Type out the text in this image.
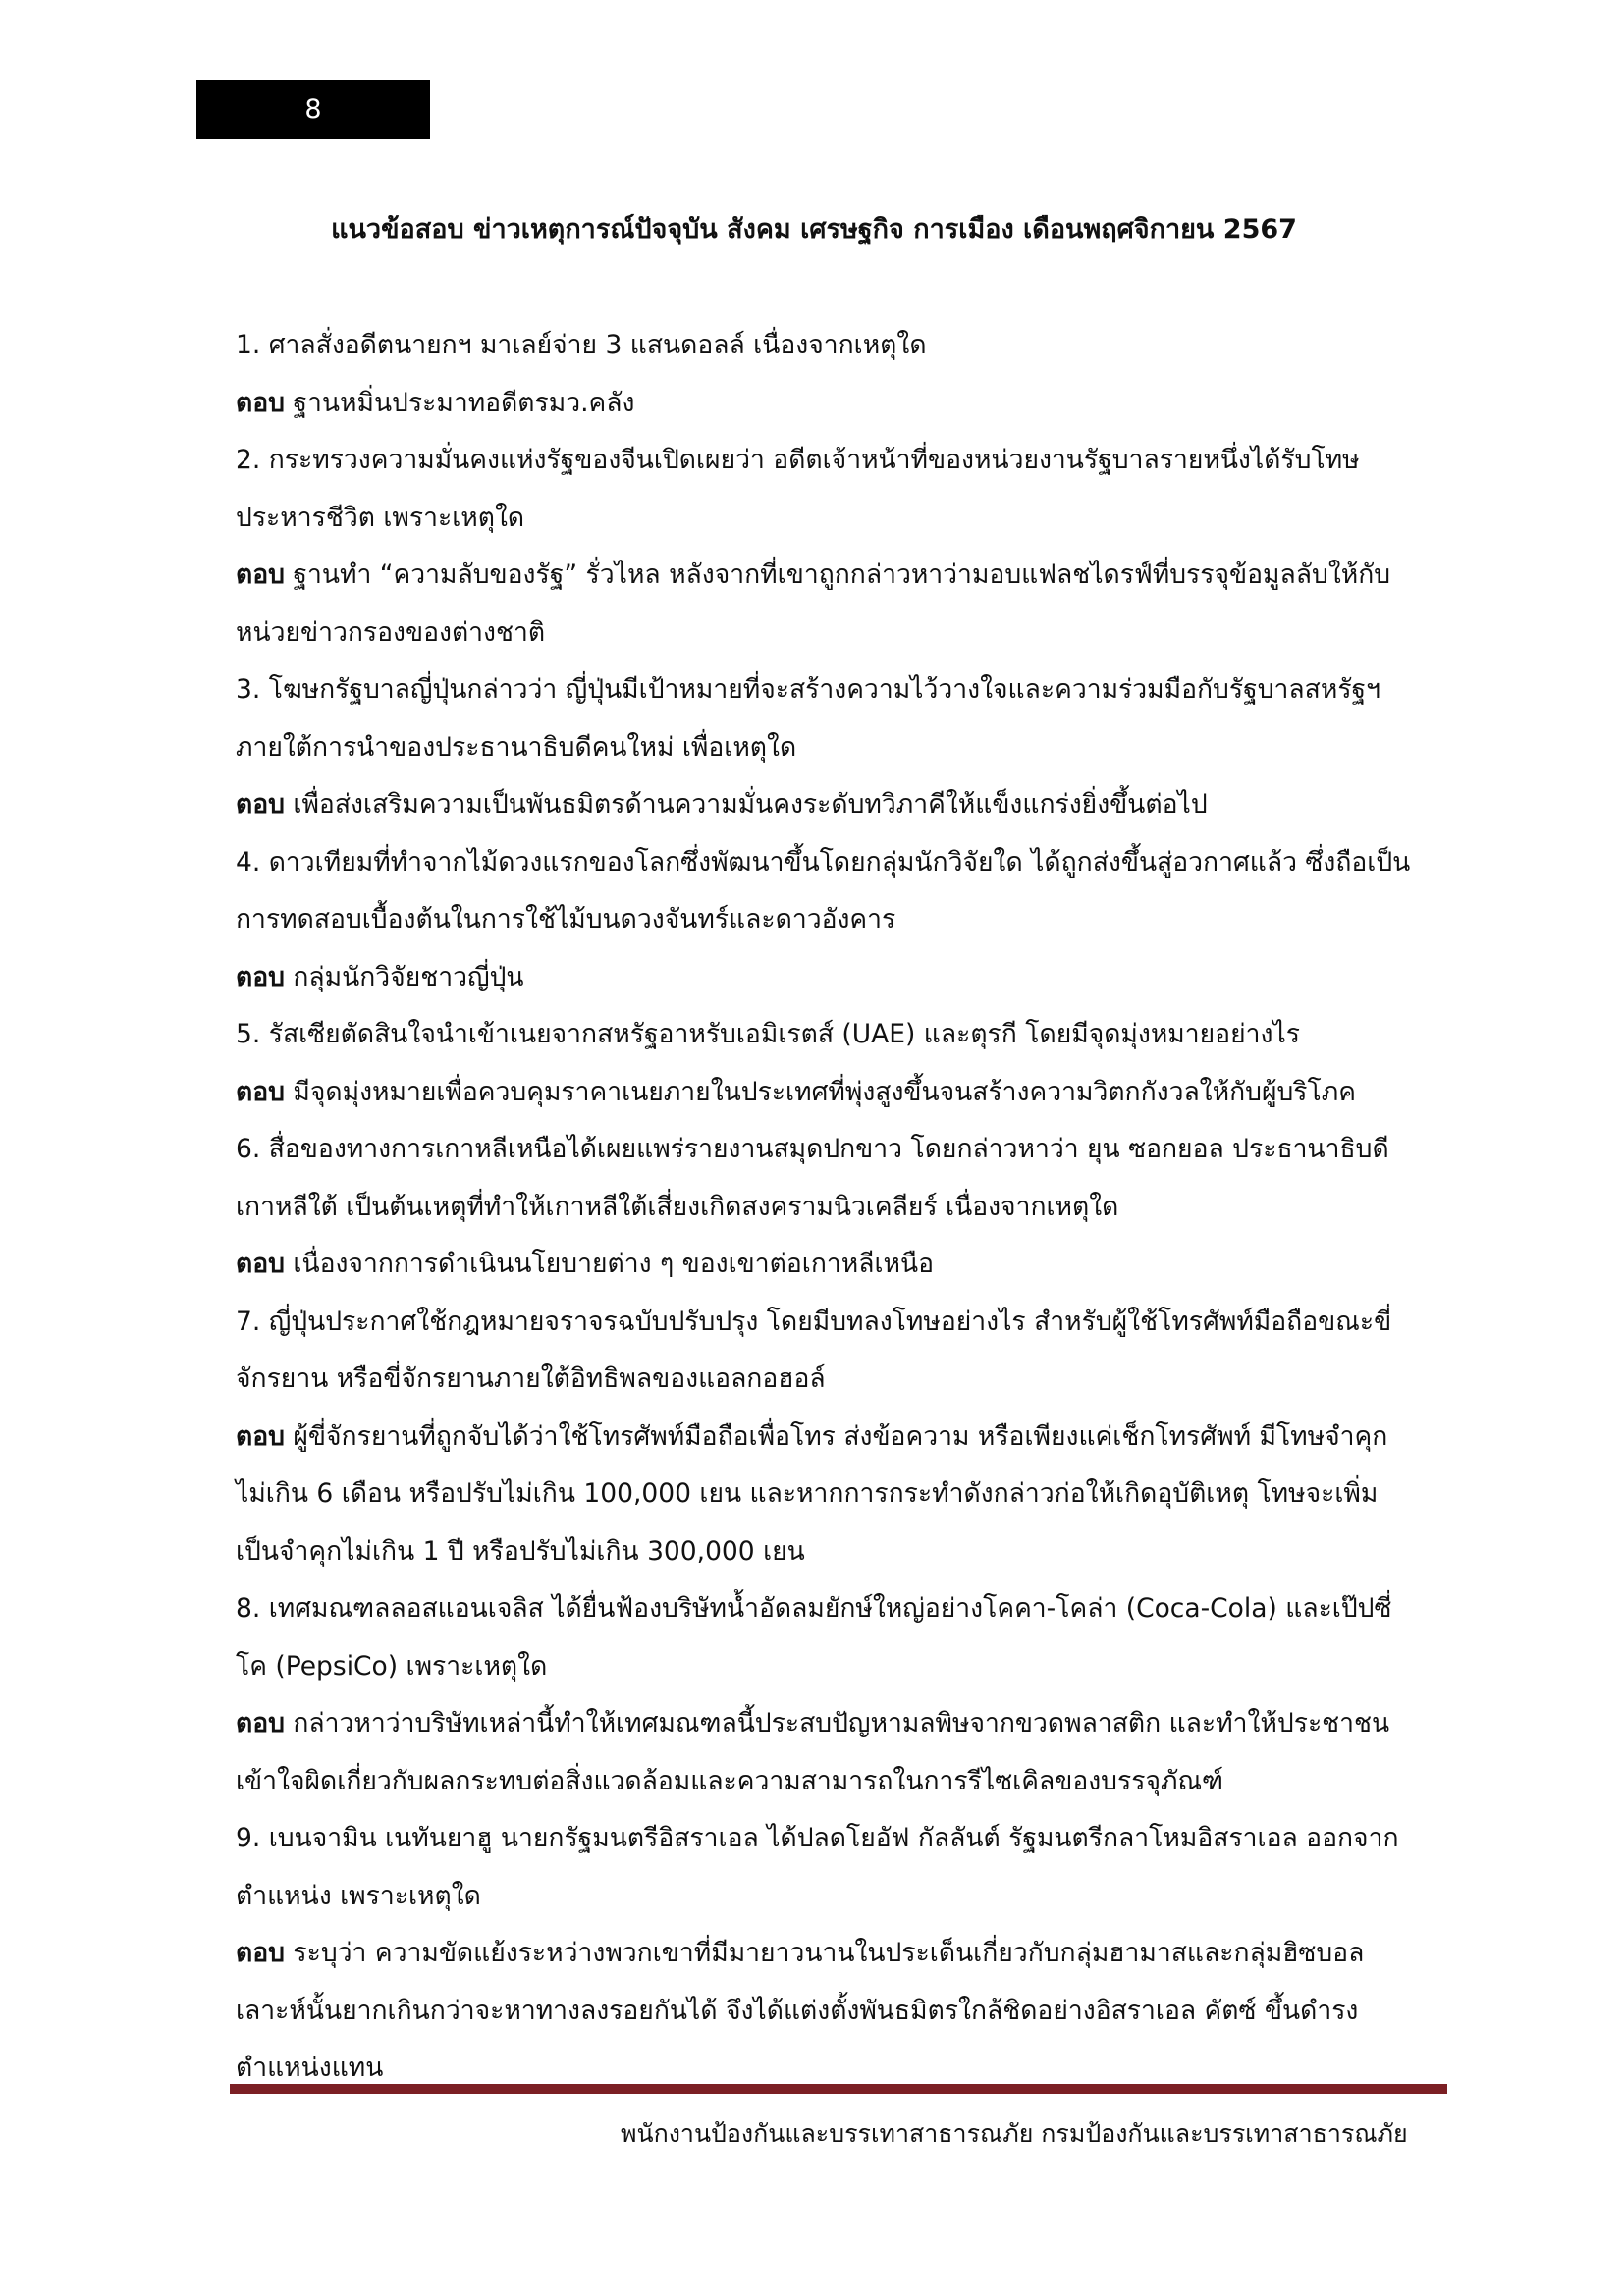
8
แนวข้อสอบ ข่าวเหตุการณ์ปัจจุบัน สังคม เศรษฐกิจ การเมือง เดือนพฤศจิกายน 2567
1. ศาลสั่งอดีตนายกฯ มาเลย์จ่าย 3 แสนดอลล์ เนื่องจากเหตุใด
ตอบ ฐานหมิ่นประมาทอดีตรมว.คลัง
2. กระทรวงความมั่นคงแห่งรัฐของจีนเปิดเผยว่า อดีตเจ้าหน้าที่ของหน่วยงานรัฐบาลรายหนึ่งได้รับโทษ
ประหารชีวิต เพราะเหตุใด
ตอบ ฐานทำ “ความลับของรัฐ” รั่วไหล หลังจากที่เขาถูกกล่าวหาว่ามอบแฟลชไดรฟ์ที่บรรจุข้อมูลลับให้กับ
หน่วยข่าวกรองของต่างชาติ
3. โฆษกรัฐบาลญี่ปุ่นกล่าวว่า ญี่ปุ่นมีเป้าหมายที่จะสร้างความไว้วางใจและความร่วมมือกับรัฐบาลสหรัฐฯ
ภายใต้การนำของประธานาธิบดีคนใหม่ เพื่อเหตุใด
ตอบ เพื่อส่งเสริมความเป็นพันธมิตรด้านความมั่นคงระดับทวิภาคีให้แข็งแกร่งยิ่งขึ้นต่อไป
4. ดาวเทียมที่ทำจากไม้ดวงแรกของโลกซึ่งพัฒนาขึ้นโดยกลุ่มนักวิจัยใด ได้ถูกส่งขึ้นสู่อวกาศแล้ว ซึ่งถือเป็น
การทดสอบเบื้องต้นในการใช้ไม้บนดวงจันทร์และดาวอังคาร
ตอบ กลุ่มนักวิจัยชาวญี่ปุ่น
5. รัสเซียตัดสินใจนำเข้าเนยจากสหรัฐอาหรับเอมิเรตส์ (UAE) และตุรกี โดยมีจุดมุ่งหมายอย่างไร
ตอบ มีจุดมุ่งหมายเพื่อควบคุมราคาเนยภายในประเทศที่พุ่งสูงขึ้นจนสร้างความวิตกกังวลให้กับผู้บริโภค
6. สื่อของทางการเกาหลีเหนือได้เผยแพร่รายงานสมุดปกขาว โดยกล่าวหาว่า ยุน ซอกยอล ประธานาธิบดี
เกาหลีใต้ เป็นต้นเหตุที่ทำให้เกาหลีใต้เสี่ยงเกิดสงครามนิวเคลียร์ เนื่องจากเหตุใด
ตอบ เนื่องจากการดำเนินนโยบายต่าง ๆ ของเขาต่อเกาหลีเหนือ
7. ญี่ปุ่นประกาศใช้กฎหมายจราจรฉบับปรับปรุง โดยมีบทลงโทษอย่างไร สำหรับผู้ใช้โทรศัพท์มือถือขณะขี่
จักรยาน หรือขี่จักรยานภายใต้อิทธิพลของแอลกอฮอล์
ตอบ ผู้ขี่จักรยานที่ถูกจับได้ว่าใช้โทรศัพท์มือถือเพื่อโทร ส่งข้อความ หรือเพียงแค่เช็กโทรศัพท์ มีโทษจำคุก
ไม่เกิน 6 เดือน หรือปรับไม่เกิน 100,000 เยน และหากการกระทำดังกล่าวก่อให้เกิดอุบัติเหตุ โทษจะเพิ่ม
เป็นจำคุกไม่เกิน 1 ปี หรือปรับไม่เกิน 300,000 เยน
8. เทศมณฑลลอสแอนเจลิส ได้ยื่นฟ้องบริษัทน้ำอัดลมยักษ์ใหญ่อย่างโคคา-โคล่า (Coca-Cola) และเป๊ปซี่
โค (PepsiCo) เพราะเหตุใด
ตอบ กล่าวหาว่าบริษัทเหล่านี้ทำให้เทศมณฑลนี้ประสบปัญหามลพิษจากขวดพลาสติก และทำให้ประชาชน
เข้าใจผิดเกี่ยวกับผลกระทบต่อสิ่งแวดล้อมและความสามารถในการรีไซเคิลของบรรจุภัณฑ์
9. เบนจามิน เนทันยาฮู นายกรัฐมนตรีอิสราเอล ได้ปลดโยอัฟ กัลลันต์ รัฐมนตรีกลาโหมอิสราเอล ออกจาก
ตำแหน่ง เพราะเหตุใด
ตอบ ระบุว่า ความขัดแย้งระหว่างพวกเขาที่มีมายาวนานในประเด็นเกี่ยวกับกลุ่มฮามาสและกลุ่มฮิซบอล
เลาะห์นั้นยากเกินกว่าจะหาทางลงรอยกันได้ จึงได้แต่งตั้งพันธมิตรใกล้ชิดอย่างอิสราเอล คัตซ์ ขึ้นดำรง
ตำแหน่งแทน
พนักงานป้องกันและบรรเทาสาธารณภัย กรมป้องกันและบรรเทาสาธารณภัย
